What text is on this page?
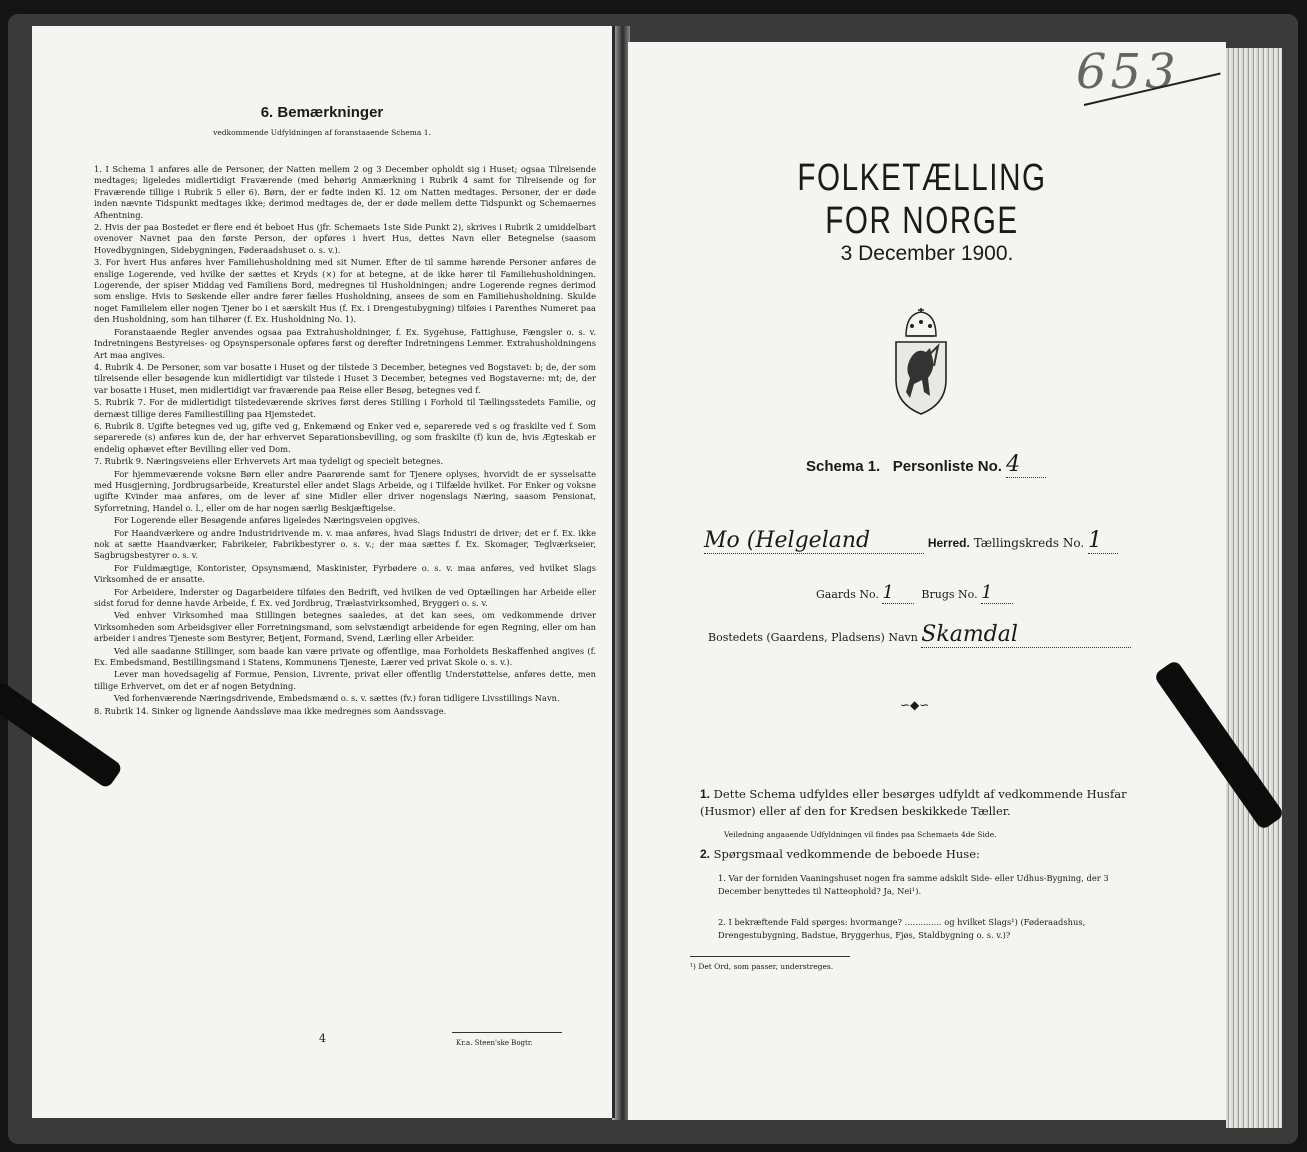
6. Bemærkninger
vedkommende Udfyldningen af foranstaaende Schema 1.
1. I Schema 1 anføres alle de Personer, der Natten mellem 2 og 3 December opholdt sig i Huset; ogsaa Tilreisende medtages; ligeledes midlertidigt Fraværende (med behørig Anmærkning i Rubrik 4 samt for Tilreisende og for Fraværende tillige i Rubrik 5 eller 6). Børn, der er fødte inden Kl. 12 om Natten medtages. Personer, der er døde inden nævnte Tidspunkt medtages ikke; derimod medtages de, der er døde mellem dette Tidspunkt og Schemaernes Afhentning.
2. Hvis der paa Bostedet er flere end ét beboet Hus (jfr. Schemaets 1ste Side Punkt 2), skrives i Rubrik 2 umiddelbart ovenover Navnet paa den første Person, der opføres i hvert Hus, dettes Navn eller Betegnelse (saasom Hovedbygningen, Sidebygningen, Føderaadshuset o. s. v.).
3. For hvert Hus anføres hver Familiehusholdning med sit Numer. Efter de til samme hørende Personer anføres de enslige Logerende, ved hvilke der sættes et Kryds (×) for at betegne, at de ikke hører til Familiehusholdningen. Logerende, der spiser Middag ved Familiens Bord, medregnes til Husholdningen; andre Logerende regnes derimod som enslige. Hvis to Søskende eller andre fører fælles Husholdning, ansees de som en Familiehusholdning. Skulde noget Familielem eller nogen Tjener bo i et særskilt Hus (f. Ex. i Drengestubygning) tilføies i Parenthes Numeret paa den Husholdning, som han tilhører (f. Ex. Husholdning No. 1).
Foranstaaende Regler anvendes ogsaa paa Extrahusholdninger, f. Ex. Sygehuse, Fattighuse, Fængsler o. s. v. Indretningens Bestyreises- og Opsynspersonale opføres først og derefter Indretningens Lemmer. Extrahusholdningens Art maa angives.
4. Rubrik 4. De Personer, som var bosatte i Huset og der tilstede 3 December, betegnes ved Bogstavet: b; de, der som tilreisende eller besøgende kun midlertidigt var tilstede i Huset 3 December, betegnes ved Bogstaverne: mt; de, der var bosatte i Huset, men midlertidigt var fraværende paa Reise eller Besøg, betegnes ved f.
5. Rubrik 7. For de midlertidigt tilstedeværende skrives først deres Stilling i Forhold til Tællingsstedets Familie, og dernæst tillige deres Familiestilling paa Hjemstedet.
6. Rubrik 8. Ugifte betegnes ved ug, gifte ved g, Enkemænd og Enker ved e, separerede ved s og fraskilte ved f. Som separerede (s) anføres kun de, der har erhvervet Separationsbevilling, og som fraskilte (f) kun de, hvis Ægteskab er endelig ophævet efter Bevilling eller ved Dom.
7. Rubrik 9. Næringsveiens eller Erhvervets Art maa tydeligt og specielt betegnes.
For hjemmeværende voksne Børn eller andre Paarørende samt for Tjenere oplyses, hvorvidt de er sysselsatte med Husgjerning, Jordbrugsarbeide, Kreaturstel eller andet Slags Arbeide, og i Tilfælde hvilket. For Enker og voksne ugifte Kvinder maa anføres, om de lever af sine Midler eller driver nogenslags Næring, saasom Pensionat, Syforretning, Handel o. l., eller om de har nogen særlig Beskjæftigelse.
For Logerende eller Besøgende anføres ligeledes Næringsveien opgives.
For Haandværkere og andre Industridrivende m. v. maa anføres, hvad Slags Industri de driver; det er f. Ex. ikke nok at sætte Haandværker, Fabrikeier, Fabrikbestyrer o. s. v.; der maa sættes f. Ex. Skomager, Teglværkseier, Sagbrugsbestyrer o. s. v.
For Fuldmægtige, Kontorister, Opsynsmænd, Maskinister, Fyrbødere o. s. v. maa anføres, ved hvilket Slags Virksomhed de er ansatte.
For Arbeidere, Inderster og Dagarbeidere tilføies den Bedrift, ved hvilken de ved Optællingen har Arbeide eller sidst forud for denne havde Arbeide, f. Ex. ved Jordbrug, Trælastvirksomhed, Bryggeri o. s. v.
Ved enhver Virksomhed maa Stillingen betegnes saaledes, at det kan sees, om vedkommende driver Virksomheden som Arbeidsgiver eller Forretningsmand, som selvstændigt arbeidende for egen Regning, eller om han arbeider i andres Tjeneste som Bestyrer, Betjent, Formand, Svend, Lærling eller Arbeider.
Ved alle saadanne Stillinger, som baade kan være private og offentlige, maa Forholdets Beskaffenhed angives (f. Ex. Embedsmand, Bestillingsmand i Statens, Kommunens Tjeneste, Lærer ved privat Skole o. s. v.).
Lever man hovedsagelig af Formue, Pension, Livrente, privat eller offentlig Understøttelse, anføres dette, men tillige Erhvervet, om det er af nogen Betydning.
Ved forhenværende Næringsdrivende, Embedsmænd o. s. v. sættes (fv.) foran tidligere Livsstillings Navn.
8. Rubrik 14. Sinker og lignende Aandssløve maa ikke medregnes som Aandssvage.
4	Kr.a. Steen'ske Bogtr.
653
FOLKETÆLLING FOR NORGE
3 December 1900.
Schema 1. Personliste No. 4
Mo (Helgeland	Herred. Tællingskreds No. 1
Gaards No. 1	Brugs No. 1
Bostedets (Gaardens, Pladsens) Navn Skamdal
∽◆∽
1. Dette Schema udfyldes eller besørges udfyldt af vedkommende Husfar (Husmor) eller af den for Kredsen beskikkede Tæller.
Veiledning angaaende Udfyldningen vil findes paa Schemaets 4de Side.
2. Spørgsmaal vedkommende de beboede Huse:
1. Var der forniden Vaaningshuset nogen fra samme adskilt Side- eller Udhus-Bygning, der 3 December benyttedes til Natteophold? Ja, Nei¹).
2. I bekræftende Fald spørges: hvormange? .............. og hvilket Slags¹) (Føderaadshus, Drengestubygning, Badstue, Bryggerhus, Fjøs, Staldbygning o. s. v.)?
¹) Det Ord, som passer, understreges.
